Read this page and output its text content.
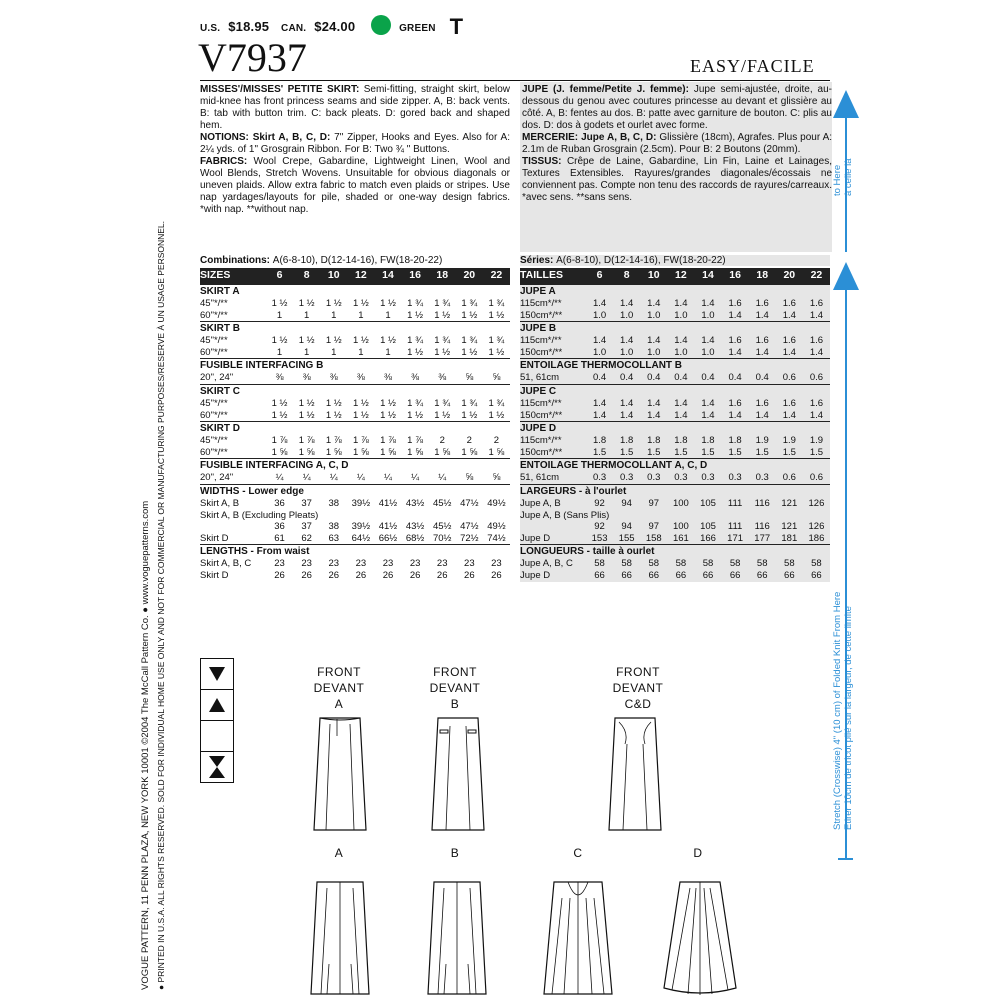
U.S. $18.95 CAN. $24.00	GREEN T
V7937	EASY/FACILE
MISSES'/MISSES' PETITE SKIRT: Semi-fitting, straight skirt, below mid-knee has front princess seams and side zipper. A, B: back vents. B: tab with button trim. C: back pleats. D: gored back and shaped hem.
NOTIONS: Skirt A, B, C, D: 7" Zipper, Hooks and Eyes. Also for A: 2¼ yds. of 1" Grosgrain Ribbon. For B: Two ¾ " Buttons.
FABRICS: Wool Crepe, Gabardine, Lightweight Linen, Wool and Wool Blends, Stretch Wovens. Unsuitable for obvious diagonals or uneven plaids. Allow extra fabric to match even plaids or stripes. Use nap yardages/layouts for pile, shaded or one-way design fabrics. *with nap. **without nap.
Combinations: A(6-8-10), D(12-14-16), FW(18-20-22)
JUPE (J. femme/Petite J. femme): Jupe semi-ajustée, droite, au-dessous du genou avec coutures princesse au devant et glissière au côté. A, B: fentes au dos. B: patte avec garniture de bouton. C: plis au dos. D: dos à godets et ourlet avec forme.
MERCERIE: Jupe A, B, C, D: Glissière (18cm), Agrafes. Plus pour A: 2.1m de Ruban Grosgrain (2.5cm). Pour B: 2 Boutons (20mm).
TISSUS: Crêpe de Laine, Gabardine, Lin Fin, Laine et Lainages, Textures Extensibles. Rayures/grandes diagonales/écossais ne conviennent pas. Compte non tenu des raccords de rayures/carreaux. *avec sens. **sans sens.
Séries: A(6-8-10), D(12-14-16), FW(18-20-22)
SIZES	6	8	10	12	14	16	18	20	22
SKIRT A									
45"*/**	1 ½	1 ½	1 ½	1 ½	1 ½	1 ¾	1 ¾	1 ¾	1 ¾
60"*/**	1	1	1	1	1	1 ½	1 ½	1 ½	1 ½
SKIRT B									
45"*/**	1 ½	1 ½	1 ½	1 ½	1 ½	1 ¾	1 ¾	1 ¾	1 ¾
60"*/**	1	1	1	1	1	1 ½	1 ½	1 ½	1 ½
FUSIBLE INTERFACING B									
20", 24"	⅜	⅜	⅜	⅜	⅜	⅜	⅜	⅝	⅝
SKIRT C									
45"*/**	1 ½	1 ½	1 ½	1 ½	1 ½	1 ¾	1 ¾	1 ¾	1 ¾
60"*/**	1 ½	1 ½	1 ½	1 ½	1 ½	1 ½	1 ½	1 ½	1 ½
SKIRT D									
45"*/**	1 ⅞	1 ⅞	1 ⅞	1 ⅞	1 ⅞	1 ⅞	2	2	2
60"*/**	1 ⅝	1 ⅝	1 ⅝	1 ⅝	1 ⅝	1 ⅝	1 ⅝	1 ⅝	1 ⅝
FUSIBLE INTERFACING A, C, D									
20", 24"	¼	¼	¼	¼	¼	¼	¼	⅝	⅝
WIDTHS - Lower edge									
Skirt A, B	36	37	38	39½	41½	43½	45½	47½	49½
Skirt A, B (Excluding Pleats)									
	36	37	38	39½	41½	43½	45½	47½	49½
Skirt D	61	62	63	64½	66½	68½	70½	72½	74½
LENGTHS - From waist									
Skirt A, B, C	23	23	23	23	23	23	23	23	23
Skirt D	26	26	26	26	26	26	26	26	26
TAILLES	6	8	10	12	14	16	18	20	22
JUPE A									
115cm*/**	1.4	1.4	1.4	1.4	1.4	1.6	1.6	1.6	1.6
150cm*/**	1.0	1.0	1.0	1.0	1.0	1.4	1.4	1.4	1.4
JUPE B									
115cm*/**	1.4	1.4	1.4	1.4	1.4	1.6	1.6	1.6	1.6
150cm*/**	1.0	1.0	1.0	1.0	1.0	1.4	1.4	1.4	1.4
ENTOILAGE THERMOCOLLANT B									
51, 61cm	0.4	0.4	0.4	0.4	0.4	0.4	0.4	0.6	0.6
JUPE C									
115cm*/**	1.4	1.4	1.4	1.4	1.4	1.6	1.6	1.6	1.6
150cm*/**	1.4	1.4	1.4	1.4	1.4	1.4	1.4	1.4	1.4
JUPE D									
115cm*/**	1.8	1.8	1.8	1.8	1.8	1.8	1.9	1.9	1.9
150cm*/**	1.5	1.5	1.5	1.5	1.5	1.5	1.5	1.5	1.5
ENTOILAGE THERMOCOLLANT A, C, D									
51, 61cm	0.3	0.3	0.3	0.3	0.3	0.3	0.3	0.6	0.6
LARGEURS - à l'ourlet									
Jupe A, B	92	94	97	100	105	111	116	121	126
Jupe A, B (Sans Plis)									
	92	94	97	100	105	111	116	121	126
Jupe D	153	155	158	161	166	171	177	181	186
LONGUEURS - taille à ourlet									
Jupe A, B, C	58	58	58	58	58	58	58	58	58
Jupe D	66	66	66	66	66	66	66	66	66
VOGUE PATTERN, 11 PENN PLAZA, NEW YORK 10001 ©2004 The McCall Pattern Co. ● www.voguepatterns.com ● PRINTED IN U.S.A. ALL RIGHTS RESERVED. SOLD FOR INDIVIDUAL HOME USE ONLY AND NOT FOR COMMERCIAL OR MANUFACTURING PURPOSES/RESERVE À UN USAGE PERSONNEL.
to Here à celle là
Stretch (Crosswise) 4" (10 cm) of Folded Knit From Here Etirer 10cm de tricot plié sur la largeur, de cette limite
FRONT
DEVANT
A
FRONT
DEVANT
B
FRONT
DEVANT
C&D
A	B	C	D
